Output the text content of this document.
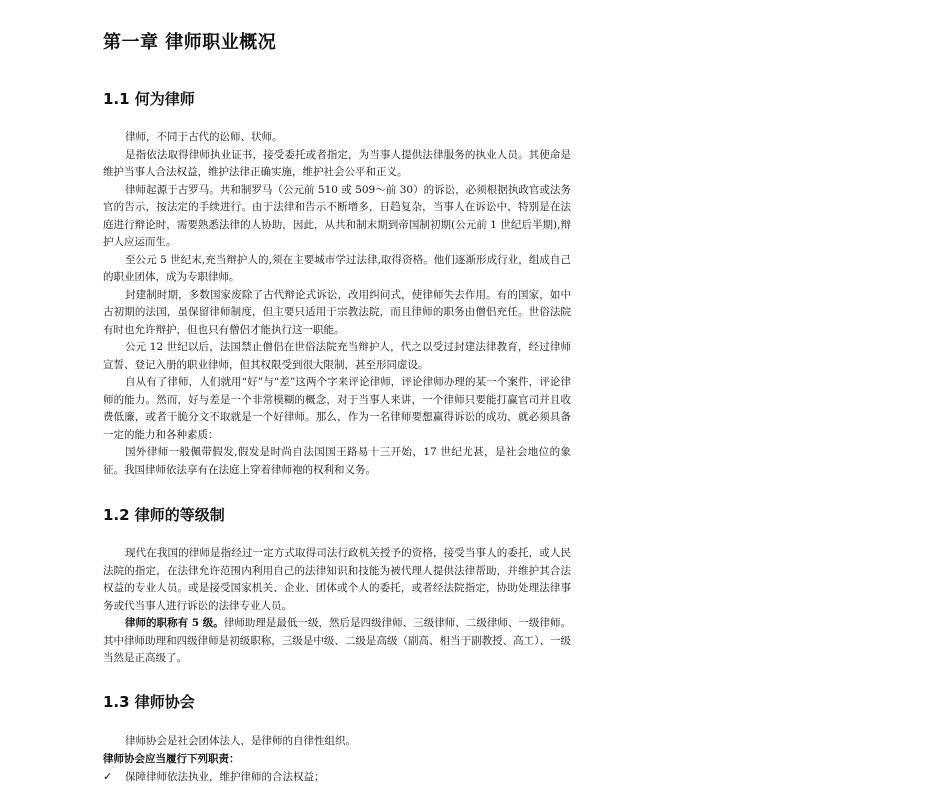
第一章 律师职业概况
1.1 何为律师

律师，不同于古代的讼师、状师。

是指依法取得律师执业证书，接受委托或者指定，为当事人提供法律服务的执业人员。其使命是维护当事人合法权益，维护法律正确实施，维护社会公平和正义。

律师起源于古罗马。共和制罗马（公元前 510 或 509～前 30）的诉讼，必须根据执政官或法务官的告示，按法定的手续进行。由于法律和告示不断增多，日趋复杂，当事人在诉讼中，特别是在法庭进行辩论时，需要熟悉法律的人协助，因此，从共和制末期到帝国制初期(公元前 1 世纪后半期),辩护人应运而生。

至公元 5 世纪末,充当辩护人的,须在主要城市学过法律,取得资格。他们逐渐形成行业，组成自己的职业团体，成为专职律师。

封建制时期，多数国家废除了古代辩论式诉讼，改用纠问式，使律师失去作用。有的国家，如中古初期的法国，虽保留律师制度，但主要只适用于宗教法院，而且律师的职务由僧侣充任。世俗法院有时也允许辩护，但也只有僧侣才能执行这一职能。

公元 12 世纪以后，法国禁止僧侣在世俗法院充当辩护人，代之以受过封建法律教育，经过律师宣誓、登记入册的职业律师，但其权限受到很大限制，甚至形同虚设。

自从有了律师，人们就用“好”与“差”这两个字来评论律师，评论律师办理的某一个案件，评论律师的能力。然而，好与差是一个非常模糊的概念，对于当事人来讲，一个律师只要能打赢官司并且收费低廉，或者干脆分文不取就是一个好律师。那么，作为一名律师要想赢得诉讼的成功，就必须具备一定的能力和各种素质：

国外律师一般佩带假发,假发是时尚自法国国王路易十三开始，17 世纪尤甚，是社会地位的象征。我国律师依法享有在法庭上穿着律师袍的权利和义务。

1.2 律师的等级制

现代在我国的律师是指经过一定方式取得司法行政机关授予的资格，接受当事人的委托，或人民法院的指定，在法律允许范围内利用自己的法律知识和技能为被代理人提供法律帮助，并维护其合法权益的专业人员。或是接受国家机关、企业、团体或个人的委托，或者经法院指定，协助处理法律事务或代当事人进行诉讼的法律专业人员。

律师的职称有 5 级。律师助理是最低一级，然后是四级律师、三级律师、二级律师、一级律师。其中律师助理和四级律师是初级职称，三级是中级、二级是高级（副高、相当于副教授、高工）、一级当然是正高级了。

1.3 律师协会

律师协会是社会团体法人，是律师的自律性组织。

律师协会应当履行下列职责：

✓	保障律师依法执业，维护律师的合法权益；
